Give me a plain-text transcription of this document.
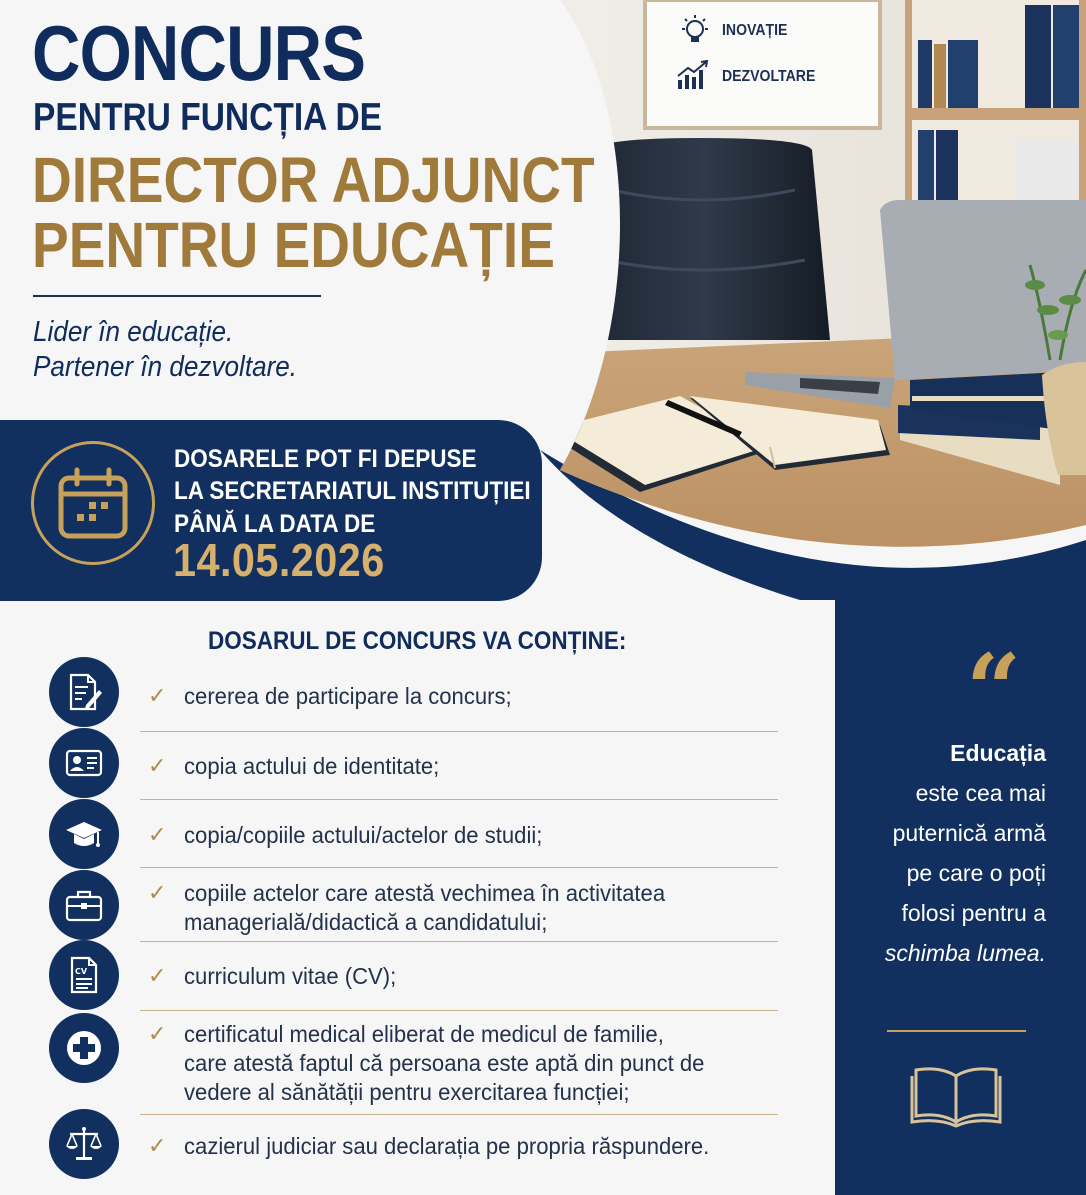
INOVAȚIE
DEZVOLTARE
CONCURS
PENTRU FUNCȚIA DE
DIRECTOR ADJUNCT
PENTRU EDUCAȚIE
Lider în educație.
Partener în dezvoltare.
DOSARELE POT FI DEPUSE
LA SECRETARIATUL INSTITUȚIEI
PÂNĂ LA DATA DE
14.05.2026
“
Educația
este cea mai
puternică armă
pe care o poți
folosi pentru a
schimba lumea.
DOSARUL DE CONCURS VA CONȚINE:
✓ cererea de participare la concurs;
✓ copia actului de identitate;
✓ copia/copiile actului/actelor de studii;
✓ copiile actelor care atestă vechimea în activitatea
managerială/didactică a candidatului;
CV	✓ curriculum vitae (CV);
✓ certificatul medical eliberat de medicul de familie,
care atestă faptul că persoana este aptă din punct de
vedere al sănătății pentru exercitarea funcției;
✓ cazierul judiciar sau declarația pe propria răspundere.
